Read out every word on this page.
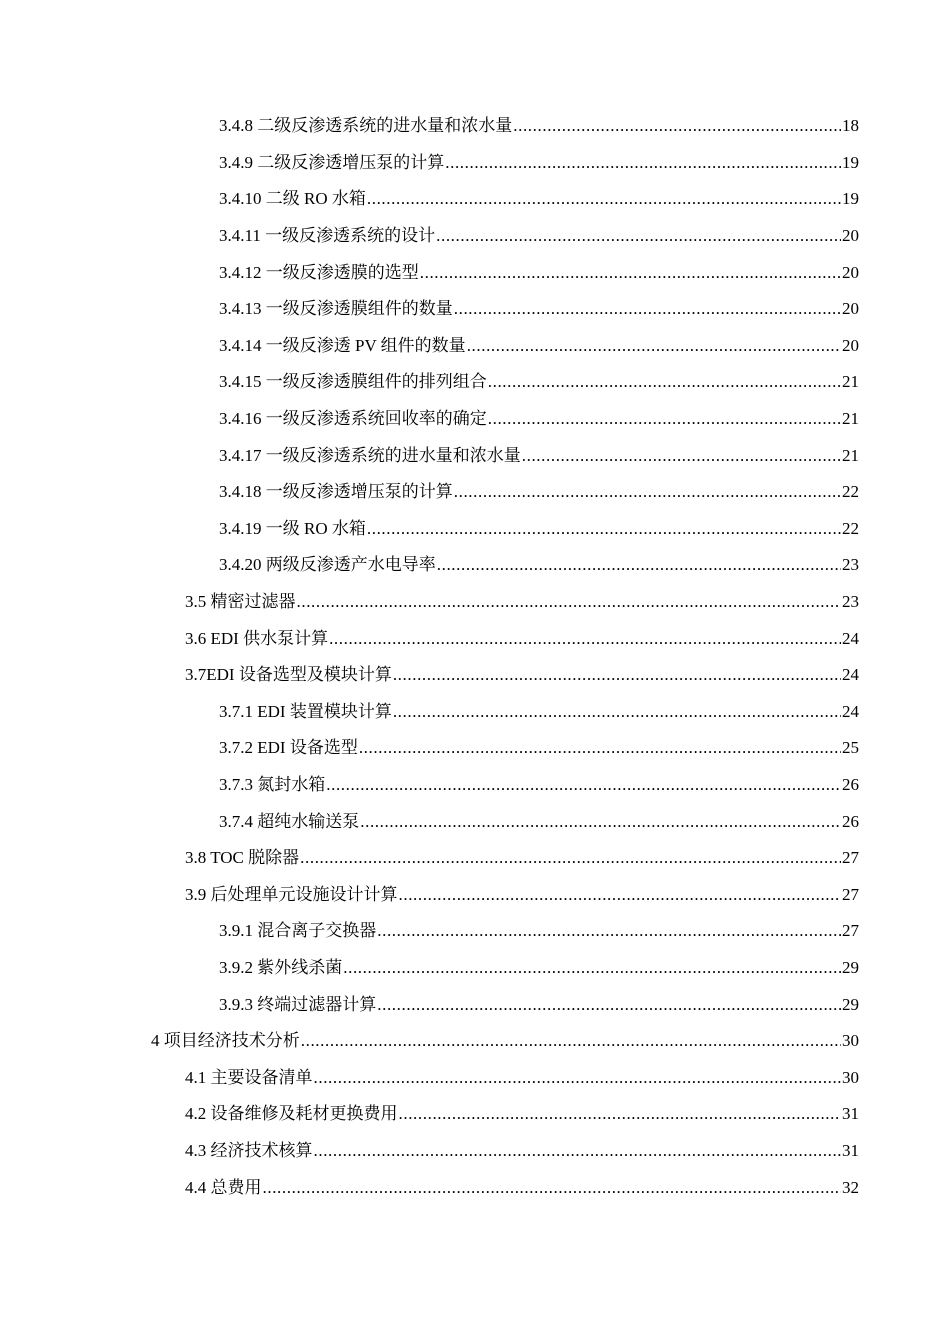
3.4.8 二级反渗透系统的进水量和浓水量 .....	18
3.4.9 二级反渗透增压泵的计算 .....	19
3.4.10 二级 RO 水箱 .....	19
3.4.11 一级反渗透系统的设计 .....	20
3.4.12 一级反渗透膜的选型 .....	20
3.4.13 一级反渗透膜组件的数量 .....	20
3.4.14 一级反渗透 PV 组件的数量 .....	20
3.4.15 一级反渗透膜组件的排列组合 .....	21
3.4.16 一级反渗透系统回收率的确定 .....	21
3.4.17 一级反渗透系统的进水量和浓水量 .....	21
3.4.18 一级反渗透增压泵的计算 .....	22
3.4.19 一级 RO 水箱 .....	22
3.4.20 两级反渗透产水电导率 .....	23
3.5 精密过滤器 .....	23
3.6 EDI 供水泵计算 .....	24
3.7EDI 设备选型及模块计算 .....	24
3.7.1 EDI 装置模块计算 .....	24
3.7.2 EDI 设备选型 .....	25
3.7.3 氮封水箱 .....	26
3.7.4 超纯水输送泵 .....	26
3.8 TOC 脱除器 .....	27
3.9 后处理单元设施设计计算 .....	27
3.9.1 混合离子交换器 .....	27
3.9.2 紫外线杀菌 .....	29
3.9.3 终端过滤器计算 .....	29
4 项目经济技术分析 .....	30
4.1 主要设备清单 .....	30
4.2 设备维修及耗材更换费用 .....	31
4.3 经济技术核算 .....	31
4.4 总费用 .....	32
